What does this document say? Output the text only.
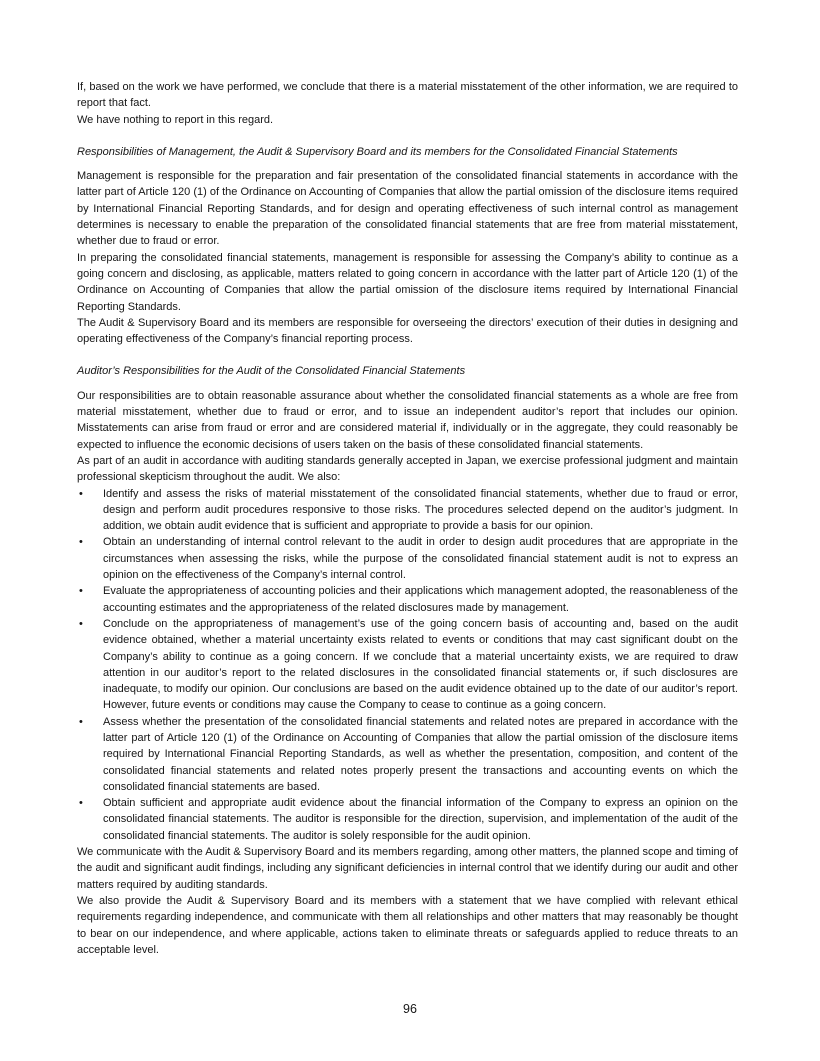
If, based on the work we have performed, we conclude that there is a material misstatement of the other information, we are required to report that fact.

We have nothing to report in this regard.

Responsibilities of Management, the Audit & Supervisory Board and its members for the Consolidated Financial Statements

Management is responsible for the preparation and fair presentation of the consolidated financial statements in accordance with the latter part of Article 120 (1) of the Ordinance on Accounting of Companies that allow the partial omission of the disclosure items required by International Financial Reporting Standards, and for design and operating effectiveness of such internal control as management determines is necessary to enable the preparation of the consolidated financial statements that are free from material misstatement, whether due to fraud or error.

In preparing the consolidated financial statements, management is responsible for assessing the Company’s ability to continue as a going concern and disclosing, as applicable, matters related to going concern in accordance with the latter part of Article 120 (1) of the Ordinance on Accounting of Companies that allow the partial omission of the disclosure items required by International Financial Reporting Standards.

The Audit & Supervisory Board and its members are responsible for overseeing the directors’ execution of their duties in designing and operating effectiveness of the Company’s financial reporting process.

Auditor’s Responsibilities for the Audit of the Consolidated Financial Statements

Our responsibilities are to obtain reasonable assurance about whether the consolidated financial statements as a whole are free from material misstatement, whether due to fraud or error, and to issue an independent auditor’s report that includes our opinion. Misstatements can arise from fraud or error and are considered material if, individually or in the aggregate, they could reasonably be expected to influence the economic decisions of users taken on the basis of these consolidated financial statements.

As part of an audit in accordance with auditing standards generally accepted in Japan, we exercise professional judgment and maintain professional skepticism throughout the audit. We also:

•	Identify and assess the risks of material misstatement of the consolidated financial statements, whether due to fraud or error, design and perform audit procedures responsive to those risks. The procedures selected depend on the auditor’s judgment. In addition, we obtain audit evidence that is sufficient and appropriate to provide a basis for our opinion.
•	Obtain an understanding of internal control relevant to the audit in order to design audit procedures that are appropriate in the circumstances when assessing the risks, while the purpose of the consolidated financial statement audit is not to express an opinion on the effectiveness of the Company’s internal control.
•	Evaluate the appropriateness of accounting policies and their applications which management adopted, the reasonableness of the accounting estimates and the appropriateness of the related disclosures made by management.
•	Conclude on the appropriateness of management’s use of the going concern basis of accounting and, based on the audit evidence obtained, whether a material uncertainty exists related to events or conditions that may cast significant doubt on the Company’s ability to continue as a going concern. If we conclude that a material uncertainty exists, we are required to draw attention in our auditor’s report to the related disclosures in the consolidated financial statements or, if such disclosures are inadequate, to modify our opinion. Our conclusions are based on the audit evidence obtained up to the date of our auditor’s report. However, future events or conditions may cause the Company to cease to continue as a going concern.
•	Assess whether the presentation of the consolidated financial statements and related notes are prepared in accordance with the latter part of Article 120 (1) of the Ordinance on Accounting of Companies that allow the partial omission of the disclosure items required by International Financial Reporting Standards, as well as whether the presentation, composition, and content of the consolidated financial statements and related notes properly present the transactions and accounting events on which the consolidated financial statements are based.
•	Obtain sufficient and appropriate audit evidence about the financial information of the Company to express an opinion on the consolidated financial statements. The auditor is responsible for the direction, supervision, and implementation of the audit of the consolidated financial statements. The auditor is solely responsible for the audit opinion.

We communicate with the Audit & Supervisory Board and its members regarding, among other matters, the planned scope and timing of the audit and significant audit findings, including any significant deficiencies in internal control that we identify during our audit and other matters required by auditing standards.

We also provide the Audit & Supervisory Board and its members with a statement that we have complied with relevant ethical requirements regarding independence, and communicate with them all relationships and other matters that may reasonably be thought to bear on our independence, and where applicable, actions taken to eliminate threats or safeguards applied to reduce threats to an acceptable level.

96
